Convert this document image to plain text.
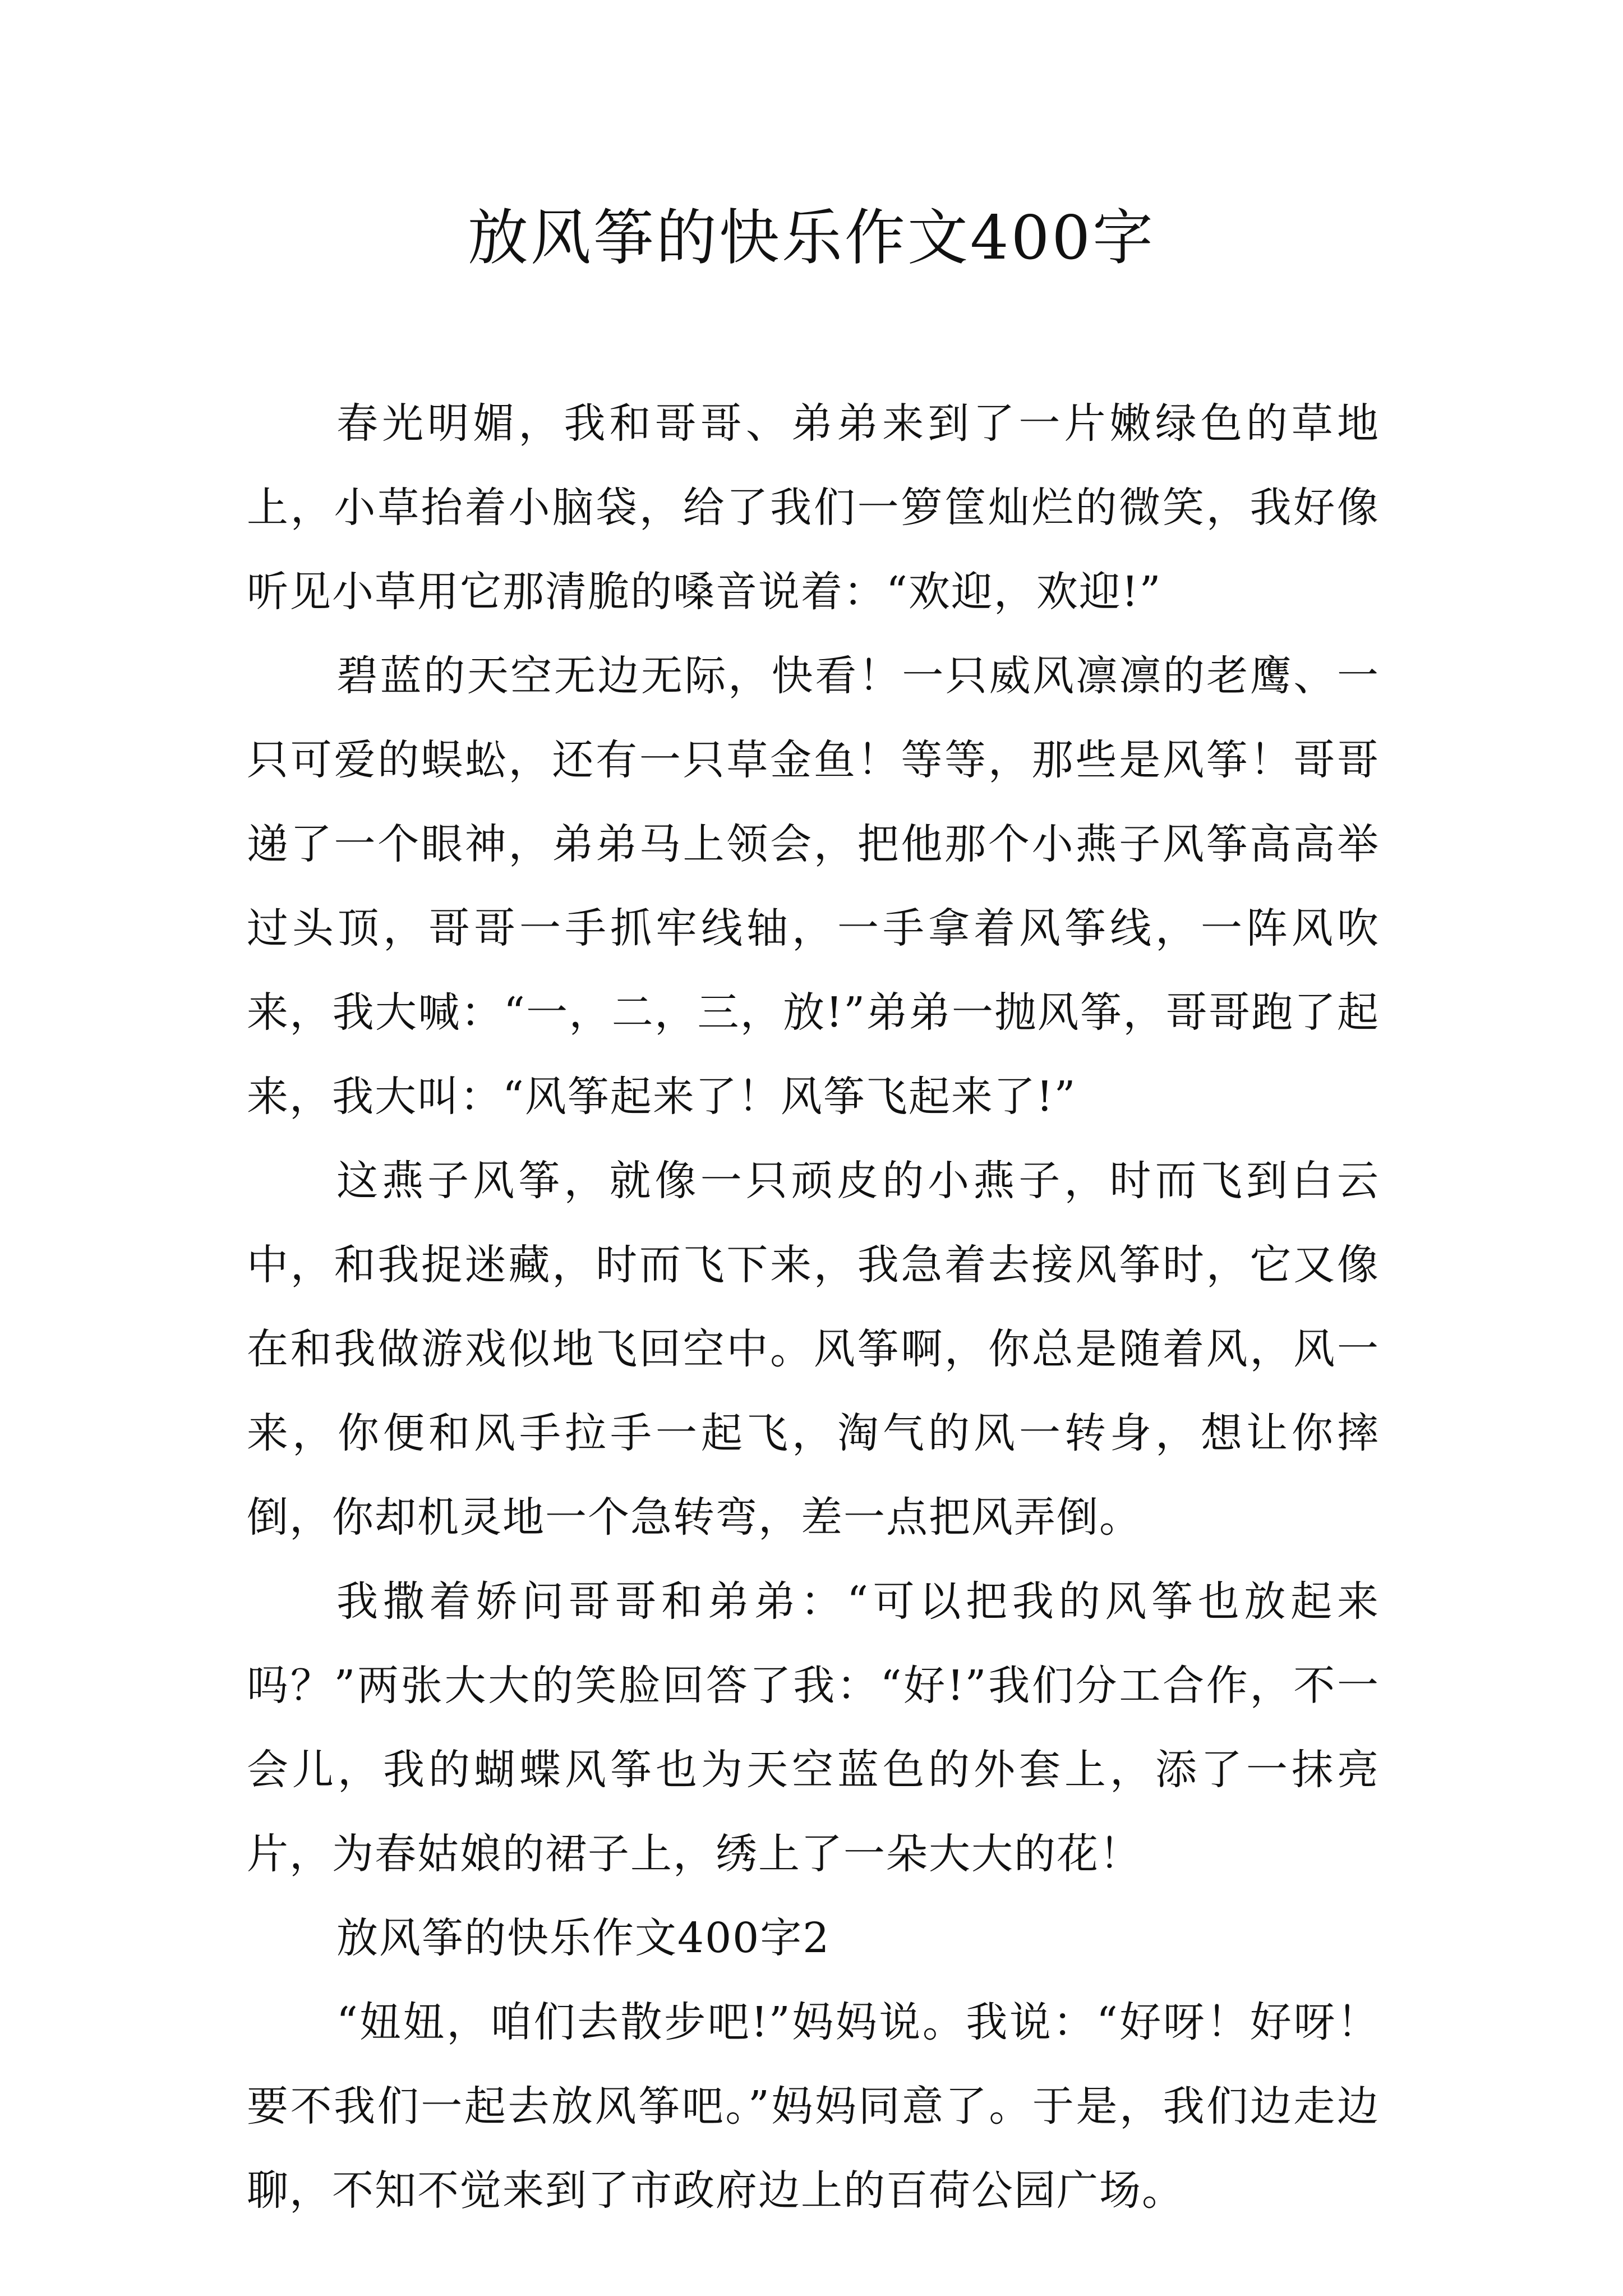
放风筝的快乐作文400字

春光明媚，我和哥哥、弟弟来到了一片嫩绿色的草地上，小草抬着小脑袋，给了我们一箩筐灿烂的微笑，我好像听见小草用它那清脆的嗓音说着：“欢迎，欢迎!”

碧蓝的天空无边无际，快看！一只威风凛凛的老鹰、一只可爱的蜈蚣，还有一只草金鱼！等等，那些是风筝！哥哥递了一个眼神，弟弟马上领会，把他那个小燕子风筝高高举过头顶，哥哥一手抓牢线轴，一手拿着风筝线，一阵风吹来，我大喊：“一，二，三，放!”弟弟一抛风筝，哥哥跑了起来，我大叫：“风筝起来了！风筝飞起来了!”

这燕子风筝，就像一只顽皮的小燕子，时而飞到白云中，和我捉迷藏，时而飞下来，我急着去接风筝时，它又像在和我做游戏似地飞回空中。风筝啊，你总是随着风，风一来，你便和风手拉手一起飞，淘气的风一转身，想让你摔倒，你却机灵地一个急转弯，差一点把风弄倒。

我撒着娇问哥哥和弟弟：“可以把我的风筝也放起来吗？”两张大大的笑脸回答了我：“好!”我们分工合作，不一会儿，我的蝴蝶风筝也为天空蓝色的外套上，添了一抹亮片，为春姑娘的裙子上，绣上了一朵大大的花！

放风筝的快乐作文400字2

“妞妞，咱们去散步吧!”妈妈说。我说：“好呀！好呀！要不我们一起去放风筝吧。”妈妈同意了。于是，我们边走边聊，不知不觉来到了市政府边上的百荷公园广场。
